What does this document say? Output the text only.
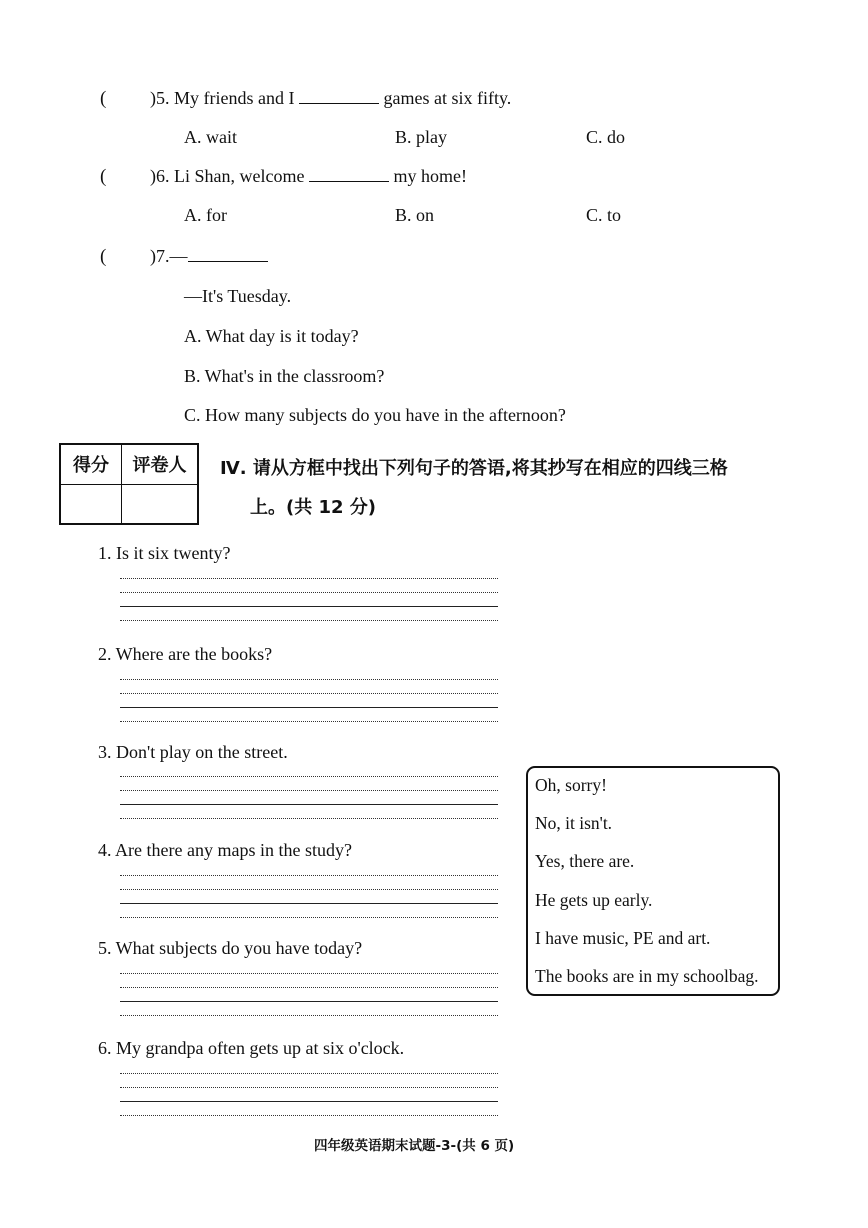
( )5. My friends and I	games at six fifty.
A. wait	B. play	C. do
( )6. Li Shan, welcome	my home!
A. for	B. on	C. to
( )7.—
—It's Tuesday.
A. What day is it today?
B. What's in the classroom?
C. How many subjects do you have in the afternoon?
得分	评卷人
	Ⅳ. 请从方框中找出下列句子的答语,将其抄写在相应的四线三格
上。(共 12 分)
1. Is it six twenty?
2. Where are the books?
3. Don't play on the street.
4. Are there any maps in the study?
5. What subjects do you have today?
6. My grandpa often gets up at six o'clock.
Oh, sorry!
No, it isn't.
Yes, there are.
He gets up early.
I have music, PE and art.
The books are in my schoolbag.
四年级英语期末试题-3-(共 6 页)
